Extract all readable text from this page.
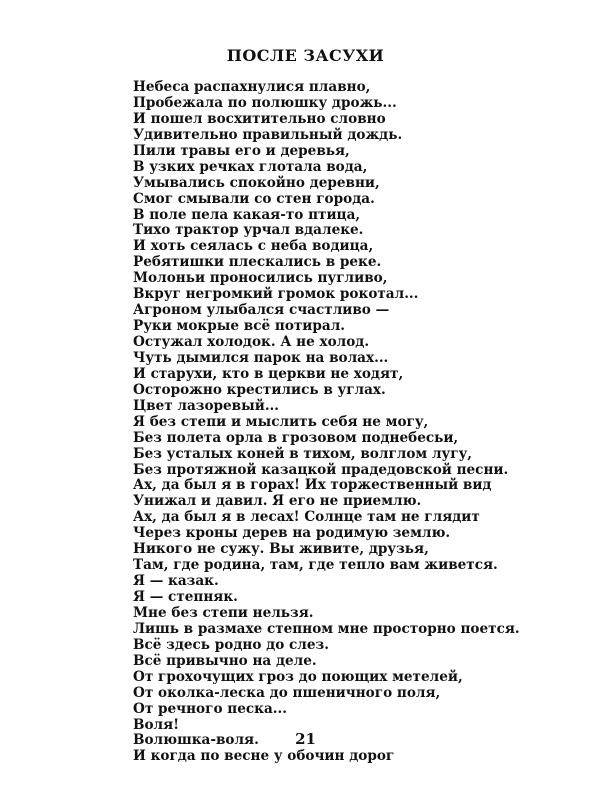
ПОСЛЕ ЗАСУХИ
Небеса распахнулися плавно,
Пробежала по полюшку дрожь...
И пошел восхитительно словно
Удивительно правильный дождь.
Пили травы его и деревья,
В узких речках глотала вода,
Умывались спокойно деревни,
Смог смывали со стен города.
В поле пела какая-то птица,
Тихо трактор урчал вдалеке.
И хоть сеялась с неба водица,
Ребятишки плескались в реке.
Молоньи проносились пугливо,
Вкруг негромкий громок рокотал...
Агроном улыбался счастливо —
Руки мокрые всё потирал.
Остужал холодок. А не холод.
Чуть дымился парок на волах...
И старухи, кто в церкви не ходят,
Осторожно крестились в углах.
Цвет лазоревый...
Я без степи и мыслить себя не могу,
Без полета орла в грозовом поднебесьи,
Без усталых коней в тихом, волглом лугу,
Без протяжной казацкой прадедовской песни.
Ах, да был я в горах! Их торжественный вид
Унижал и давил. Я его не приемлю.
Ах, да был я в лесах! Солнце там не глядит
Через кроны дерев на родимую землю.
Никого не сужу. Вы живите, друзья,
Там, где родина, там, где тепло вам живется.
Я — казак.
Я — степняк.
Мне без степи нельзя.
Лишь в размахе степном мне просторно поется.
Всё здесь родно до слез.
Всё привычно на деле.
От грохочущих гроз до поющих метелей,
От околка-леска до пшеничного поля,
От речного песка...
Воля!
Волюшка-воля.
И когда по весне у обочин дорог
21
